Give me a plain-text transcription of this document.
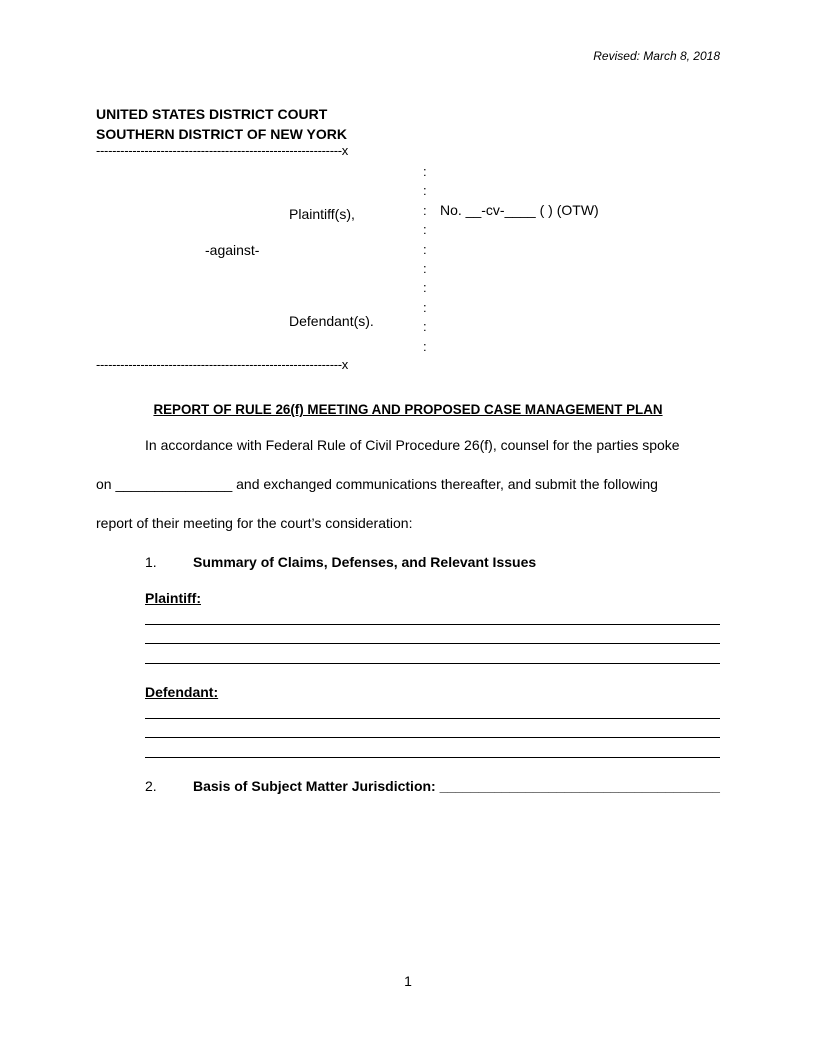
Revised: March 8, 2018
UNITED STATES DISTRICT COURT
SOUTHERN DISTRICT OF NEW YORK
-------------------------------------------------------------x
:
:
:
:
:
:
:
:
:
:
Plaintiff(s),	No. __-cv-____ ( ) (OTW)
-against-
Defendant(s).
-------------------------------------------------------------x
REPORT OF RULE 26(f) MEETING AND PROPOSED CASE MANAGEMENT PLAN
In accordance with Federal Rule of Civil Procedure 26(f), counsel for the parties spoke
on _______________ and exchanged communications thereafter, and submit the following
report of their meeting for the court’s consideration:
1.	Summary of Claims, Defenses, and Relevant Issues
Plaintiff:
Defendant:
2.	Basis of Subject Matter Jurisdiction: ____________________________________
1
